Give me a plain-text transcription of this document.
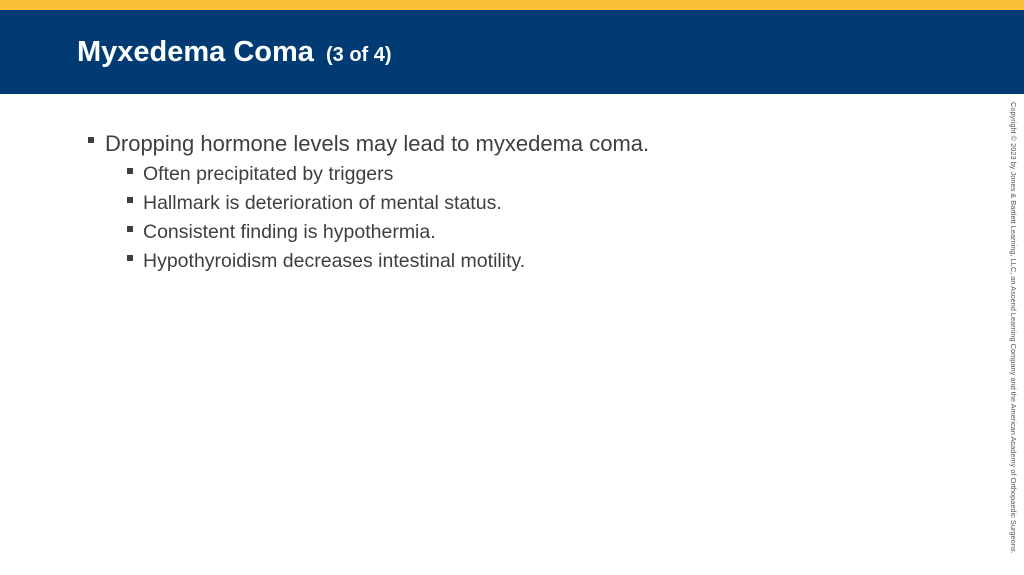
Myxedema Coma (3 of 4)
Dropping hormone levels may lead to myxedema coma.
Often precipitated by triggers
Hallmark is deterioration of mental status.
Consistent finding is hypothermia.
Hypothyroidism decreases intestinal motility.	Copyright © 2023 by Jones & Bartlett Learning, LLC, an Ascend Learning Company and the American Academy of Orthopaedic Surgeons.
